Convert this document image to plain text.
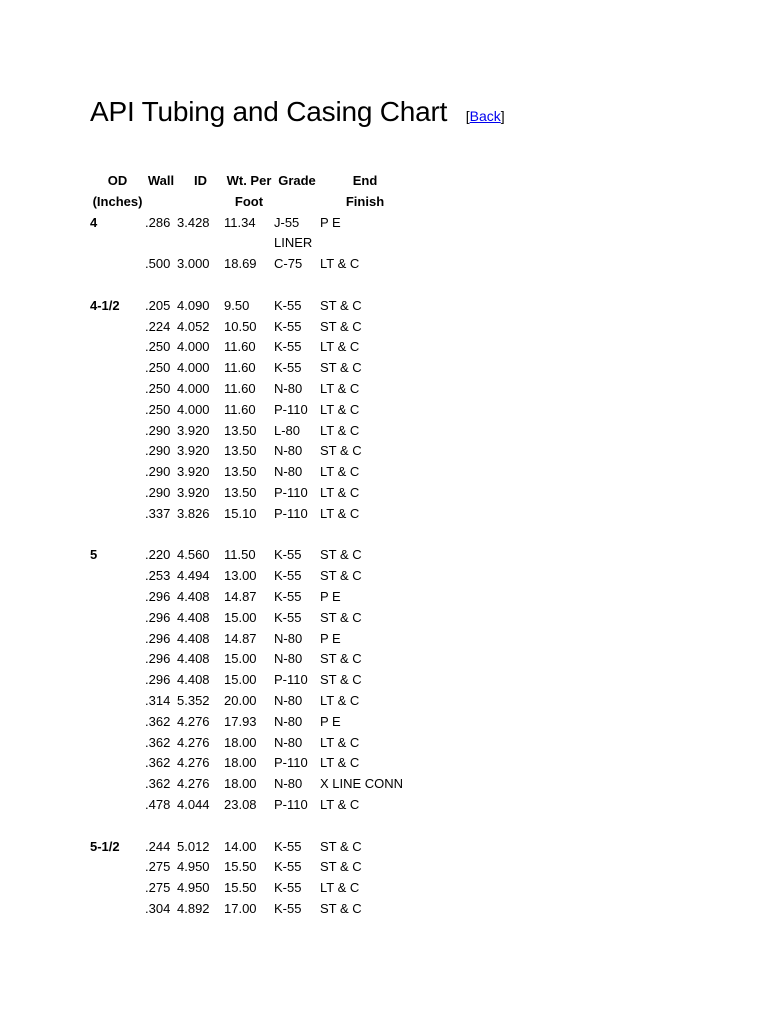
API Tubing and Casing Chart [Back]
OD	Wall	ID	Wt. Per	Grade	End
(Inches)			Foot		Finish
4	.286	3.428	11.34	J-55	P E
				LINER	
	.500	3.000	18.69	C-75	LT & C

4-1/2	.205	4.090	9.50	K-55	ST & C
	.224	4.052	10.50	K-55	ST & C
	.250	4.000	11.60	K-55	LT & C
	.250	4.000	11.60	K-55	ST & C
	.250	4.000	11.60	N-80	LT & C
	.250	4.000	11.60	P-110	LT & C
	.290	3.920	13.50	L-80	LT & C
	.290	3.920	13.50	N-80	ST & C
	.290	3.920	13.50	N-80	LT & C
	.290	3.920	13.50	P-110	LT & C
	.337	3.826	15.10	P-110	LT & C

5	.220	4.560	11.50	K-55	ST & C
	.253	4.494	13.00	K-55	ST & C
	.296	4.408	14.87	K-55	P E
	.296	4.408	15.00	K-55	ST & C
	.296	4.408	14.87	N-80	P E
	.296	4.408	15.00	N-80	ST & C
	.296	4.408	15.00	P-110	ST & C
	.314	5.352	20.00	N-80	LT & C
	.362	4.276	17.93	N-80	P E
	.362	4.276	18.00	N-80	LT & C
	.362	4.276	18.00	P-110	LT & C
	.362	4.276	18.00	N-80	X LINE CONN
	.478	4.044	23.08	P-110	LT & C

5-1/2	.244	5.012	14.00	K-55	ST & C
	.275	4.950	15.50	K-55	ST & C
	.275	4.950	15.50	K-55	LT & C
	.304	4.892	17.00	K-55	ST & C
